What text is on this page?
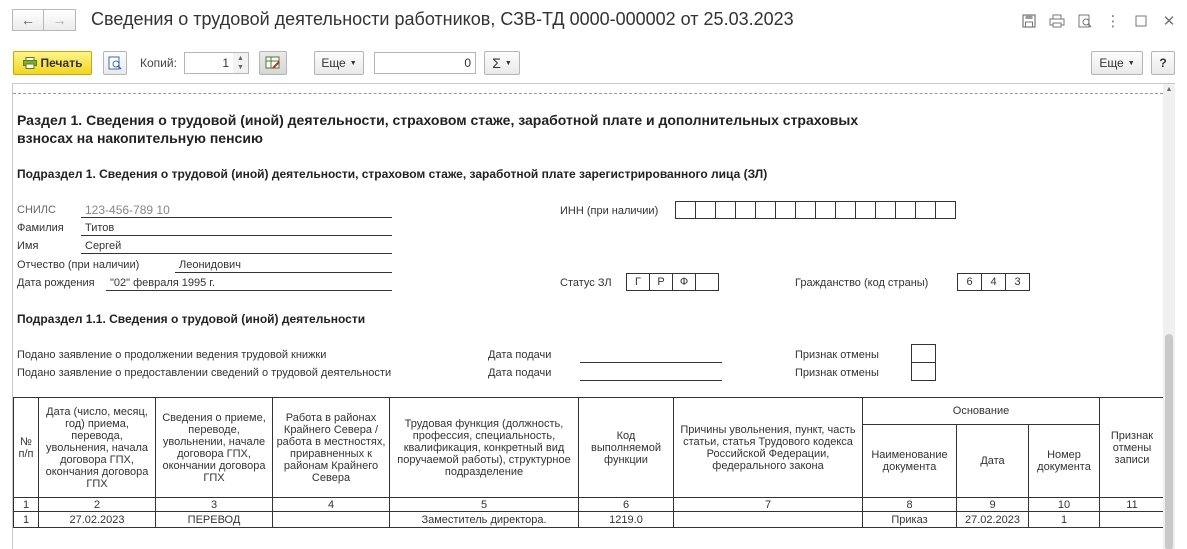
← → Сведения о трудовой деятельности работников, СЗВ-ТД 0000-000002 от 25.03.2023	⋮	✕
Печать	Копий:	1	▲
▼	Еще ▼	0	Σ ▼	Еще ▼	?
Раздел 1. Сведения о трудовой (иной) деятельности, страховом стаже, заработной плате и дополнительных страховых
взносах на накопительную пенсию
Подраздел 1. Сведения о трудовой (иной) деятельности, страховом стаже, заработной плате зарегистрированного лица (ЗЛ)
СНИЛС 123-456-789 10
Фамилия Титов
Имя	Сергей
Отчество (при наличии)	Леонидович
Дата рождения "02" февраля 1995 г.
ИНН (при наличии)
Статус ЗЛ	Г	Р	Ф	Гражданство (код страны)	6	4	3
Подраздел 1.1. Сведения о трудовой (иной) деятельности
Подано заявление о продолжении ведения трудовой книжки	Дата подачи	Признак отмены
Подано заявление о предоставлении сведений о трудовой деятельности	Дата подачи	Признак отмены
№ п/п	Дата (число, месяц, год) приема, перевода, увольнения, начала договора ГПХ, окончания договора ГПХ	Сведения о приеме, переводе, увольнении, начале договора ГПХ, окончании договора ГПХ	Работа в районах Крайнего Севера / работа в местностях, приравненных к районам Крайнего Севера	Трудовая функция (должность, профессия, специальность, квалификация, конкретный вид поручаемой работы), структурное подразделение	Код выполняемой функции	Причины увольнения, пункт, часть статьи, статья Трудового кодекса Российской Федерации, федерального закона	Основание			Признак отмены записи
							Наименование документа	Дата	Номер документа	
1	2	3	4	5	6	7	8	9	10	11
1	27.02.2023	ПЕРЕВОД		Заместитель директора.	1219.0		Приказ	27.02.2023	1	
▲
